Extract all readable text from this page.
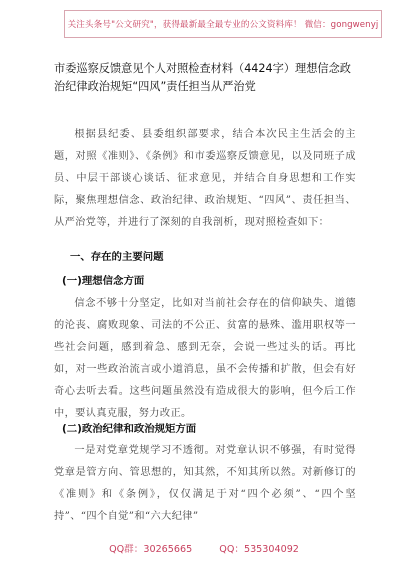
关注头条号"公文研究"，获得最新最全最专业的公文资料库！ 微信：gongwenyj
市委巡察反馈意见个人对照检查材料（4424字）理想信念政治纪律政治规矩“四风”责任担当从严治党
根据县纪委、县委组织部要求，结合本次民主生活会的主题，对照《准则》、《条例》和市委巡察反馈意见，以及同班子成员、中层干部谈心谈话、征求意见，并结合自身思想和工作实际，聚焦理想信念、政治纪律、政治规矩、“四风”、责任担当、从严治党等，并进行了深刻的自我剖析，现对照检查如下：
一、存在的主要问题
(一)理想信念方面
信念不够十分坚定，比如对当前社会存在的信仰缺失、道德的沦丧、腐败现象、司法的不公正、贫富的悬殊、滥用职权等一些社会问题，感到着急、感到无奈，会说一些过头的话。再比如，对一些政治流言或小道消息，虽不会传播和扩散，但会有好奇心去听去看。这些问题虽然没有造成很大的影响，但今后工作中，要认真克服，努力改正。
(二)政治纪律和政治规矩方面
一是对党章党规学习不透彻。对党章认识不够强，有时觉得党章是管方向、管思想的，知其然，不知其所以然。对新修订的《准则》和《条例》，仅仅满足于对“四个必须”、“四个坚持”、“四个自觉”和“六大纪律”
QQ群：30265665	QQ：535304092
